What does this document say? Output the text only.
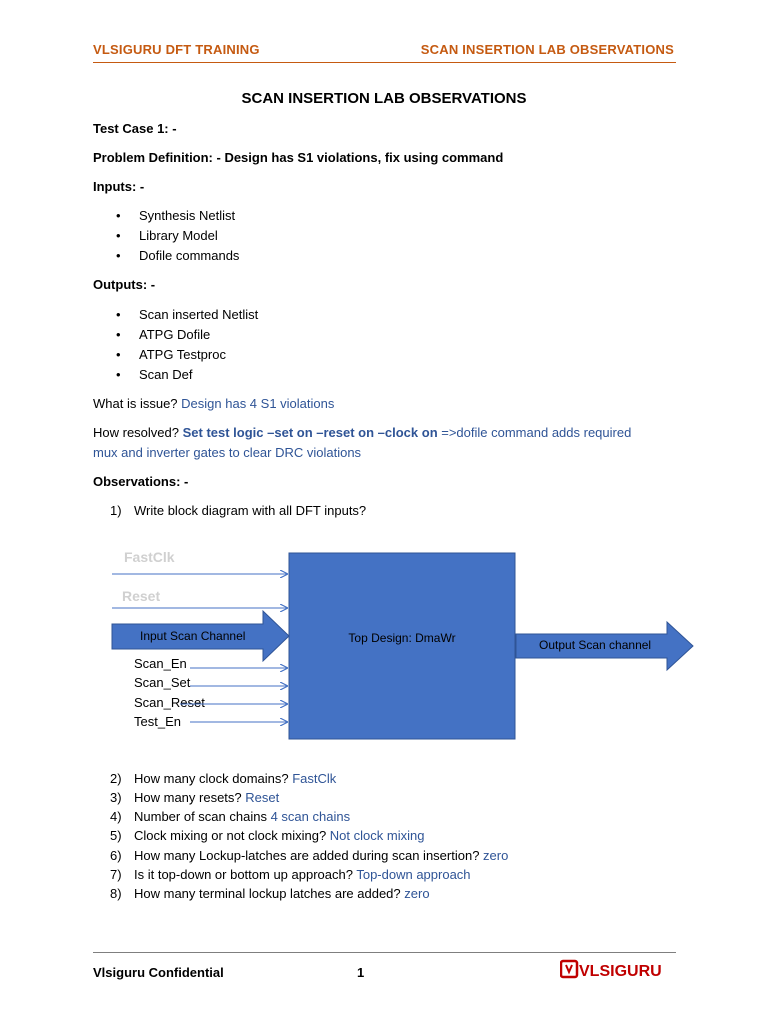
VLSIGURU DFT TRAINING	SCAN INSERTION LAB OBSERVATIONS
SCAN INSERTION LAB OBSERVATIONS
Test Case 1: -
Problem Definition: - Design has S1 violations, fix using command
Inputs: -
• Synthesis Netlist
• Library Model
• Dofile commands
Outputs: -
• Scan inserted Netlist
• ATPG Dofile
• ATPG Testproc
• Scan Def
What is issue? Design has 4 S1 violations
How resolved? Set test logic –set on –reset on –clock on =>dofile command adds required
mux and inverter gates to clear DRC violations
Observations: -
1) Write block diagram with all DFT inputs?
Top Design: DmaWr
FastClk
Reset
Input Scan Channel
Output Scan channel
Scan_En
Scan_Set
Scan_Reset
Test_En
2) How many clock domains? FastClk
3) How many resets? Reset
4) Number of scan chains 4 scan chains
5) Clock mixing or not clock mixing? Not clock mixing
6) How many Lockup-latches are added during scan insertion? zero
7) Is it top-down or bottom up approach? Top-down approach
8) How many terminal lockup latches are added? zero
Vlsiguru Confidential	1	VLSIGURU
